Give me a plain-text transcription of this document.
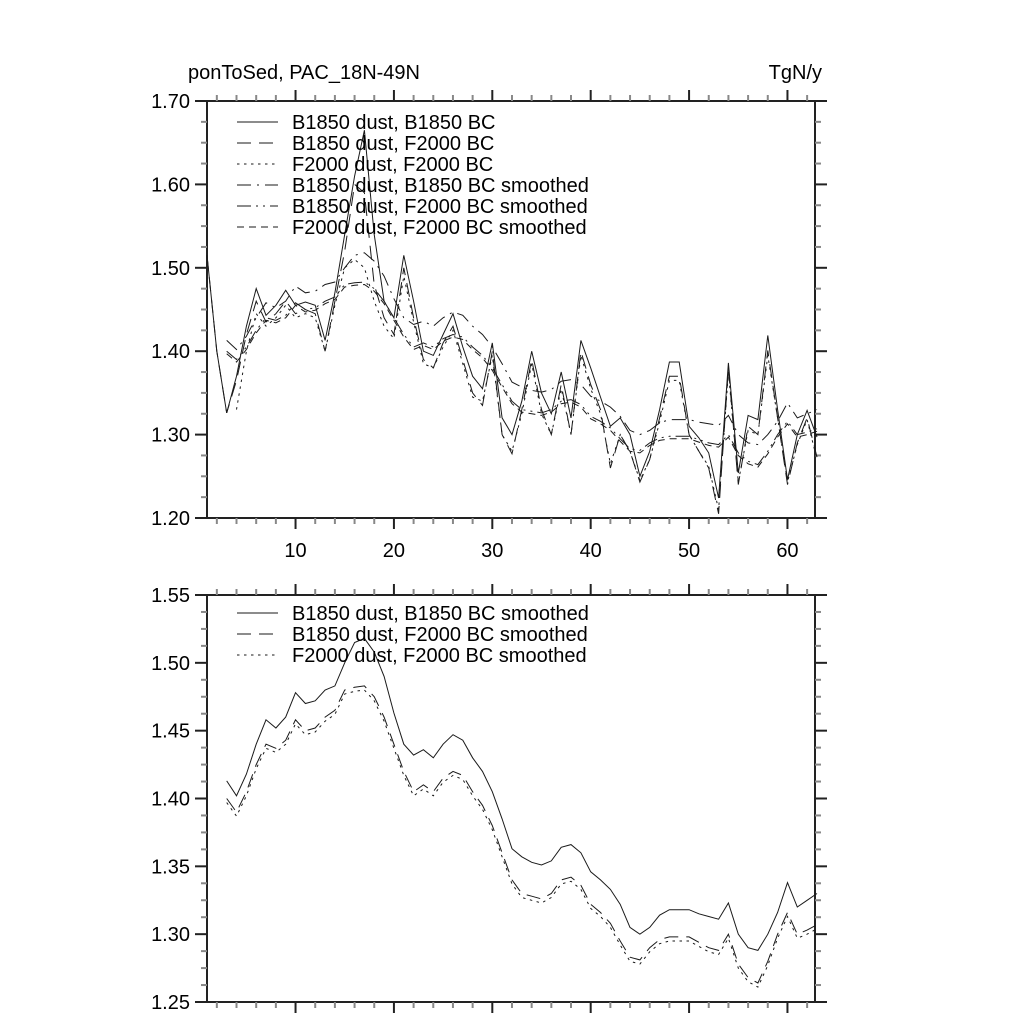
ponToSed, PAC_18N-49N	TgN/y
10	20	30	40	50	60
1.20
1.30
1.40
1.50
1.60
1.70
B1850 dust, B1850 BC
B1850 dust, F2000 BC
F2000 dust, F2000 BC
B1850 dust, B1850 BC smoothed
B1850 dust, F2000 BC smoothed
F2000 dust, F2000 BC smoothed
1.25
1.30
1.35
1.40
1.45
1.50
1.55
B1850 dust, B1850 BC smoothed
B1850 dust, F2000 BC smoothed
F2000 dust, F2000 BC smoothed
